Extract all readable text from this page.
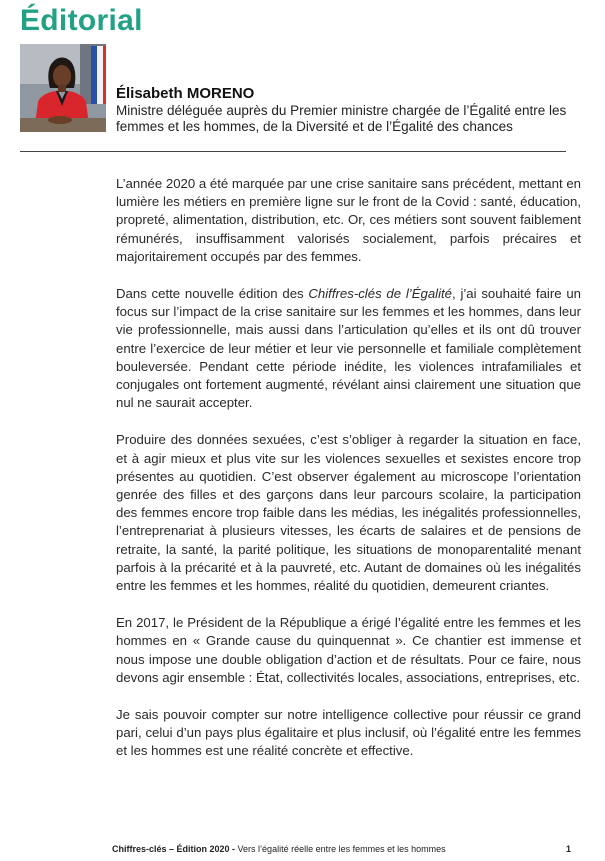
Éditorial
Élisabeth MORENO
Ministre déléguée auprès du Premier ministre chargée de l’Égalité entre les femmes et les hommes, de la Diversité et de l’Égalité des chances

L’année 2020 a été marquée par une crise sanitaire sans précédent, mettant en lumière les métiers en première ligne sur le front de la Covid : santé, éducation, propreté, alimentation, distribution, etc. Or, ces métiers sont souvent faiblement rémunérés, insuffisamment valorisés socialement, parfois précaires et majoritairement occupés par des femmes.

Dans cette nouvelle édition des Chiffres-clés de l’Égalité, j’ai souhaité faire un focus sur l’impact de la crise sanitaire sur les femmes et les hommes, dans leur vie professionnelle, mais aussi dans l’articulation qu’elles et ils ont dû trouver entre l’exercice de leur métier et leur vie personnelle et familiale complètement bouleversée. Pendant cette période inédite, les violences intrafamiliales et conjugales ont fortement augmenté, révélant ainsi clairement une situation que nul ne saurait accepter.

Produire des données sexuées, c’est s’obliger à regarder la situation en face, et à agir mieux et plus vite sur les violences sexuelles et sexistes encore trop présentes au quotidien. C’est observer également au microscope l’orientation genrée des filles et des garçons dans leur parcours scolaire, la participation des femmes encore trop faible dans les médias, les inégalités professionnelles, l’entreprenariat à plusieurs vitesses, les écarts de salaires et de pensions de retraite, la santé, la parité politique, les situations de monoparentalité menant parfois à la précarité et à la pauvreté, etc. Autant de domaines où les inégalités entre les femmes et les hommes, réalité du quotidien, demeurent criantes.

En 2017, le Président de la République a érigé l’égalité entre les femmes et les hommes en « Grande cause du quinquennat ». Ce chantier est immense et nous impose une double obligation d’action et de résultats. Pour ce faire, nous devons agir ensemble : État, collectivités locales, associations, entreprises, etc.

Je sais pouvoir compter sur notre intelligence collective pour réussir ce grand pari, celui d’un pays plus égalitaire et plus inclusif, où l’égalité entre les femmes et les hommes est une réalité concrète et effective.

Chiffres-clés – Édition 2020 - Vers l’égalité réelle entre les femmes et les hommes	1
